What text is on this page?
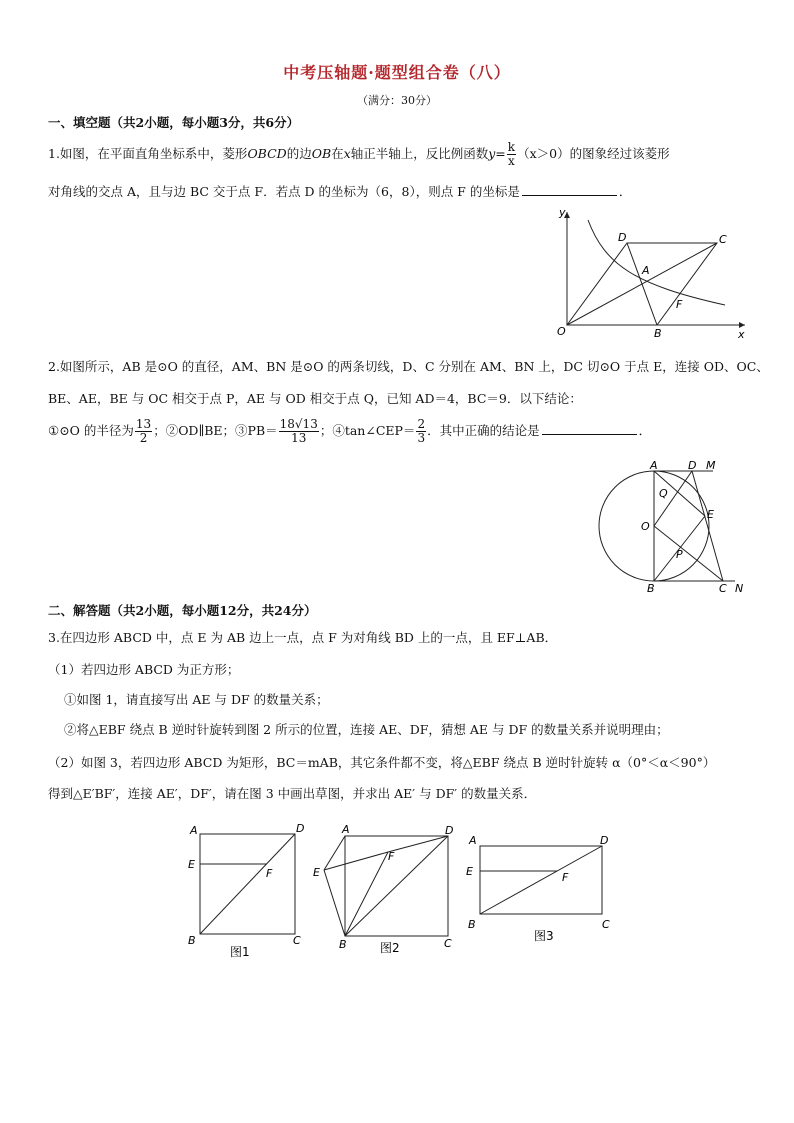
中考压轴题·题型组合卷（八）
（满分：30分）
一、填空题（共2小题，每小题3分，共6分）
1.如图，在平面直角坐标系中，菱形OBCD的边OB在x轴正半轴上，反比例函数$y= \frac{k}{x} (x>0)$的图象经过该菱形
对角线的交点 A，且与边 BC 交于点 F．若点 D 的坐标为（6，8），则点 F 的坐标是	．
y
x
O	B
C
D
A
F
2.如图所示，AB 是⊙O 的直径，AM、BN 是⊙O 的两条切线，D、C 分别在 AM、BN 上，DC 切⊙O 于点 E，连接 OD、OC、
BE、AE，BE 与 OC 相交于点 P，AE 与 OD 相交于点 Q，已知 AD＝4，BC＝9．以下结论：
①⊙O 的半径为 $\frac{13}{2}$ ；②OD∥BE；③PB＝ $\frac{18√13}{13}$ ；④tan∠CEP＝ $\frac{2}{3}$ ．其中正确的结论是	．
A	D M
Q
O
E
P
B	C N
二、解答题（共2小题，每小题12分，共24分）
3.在四边形 ABCD 中，点 E 为 AB 边上一点，点 F 为对角线 BD 上的一点，且 EF⊥AB．
（1）若四边形 ABCD 为正方形；
①如图 1，请直接写出 AE 与 DF 的数量关系；
②将△EBF 绕点 B 逆时针旋转到图 2 所示的位置，连接 AE、DF，猜想 AE 与 DF 的数量关系并说明理由；
（2）如图 3，若四边形 ABCD 为矩形，BC＝mAB，其它条件都不变，将△EBF 绕点 B 逆时针旋转 α（0°＜α＜90°）
得到△E′BF′，连接 AE′，DF′，请在图 3 中画出草图，并求出 AE′ 与 DF′ 的数量关系．
A	D
E
F
B	C
图1
A	D
E
F
B	C
图2
A	D
E	F
B	C
图3
